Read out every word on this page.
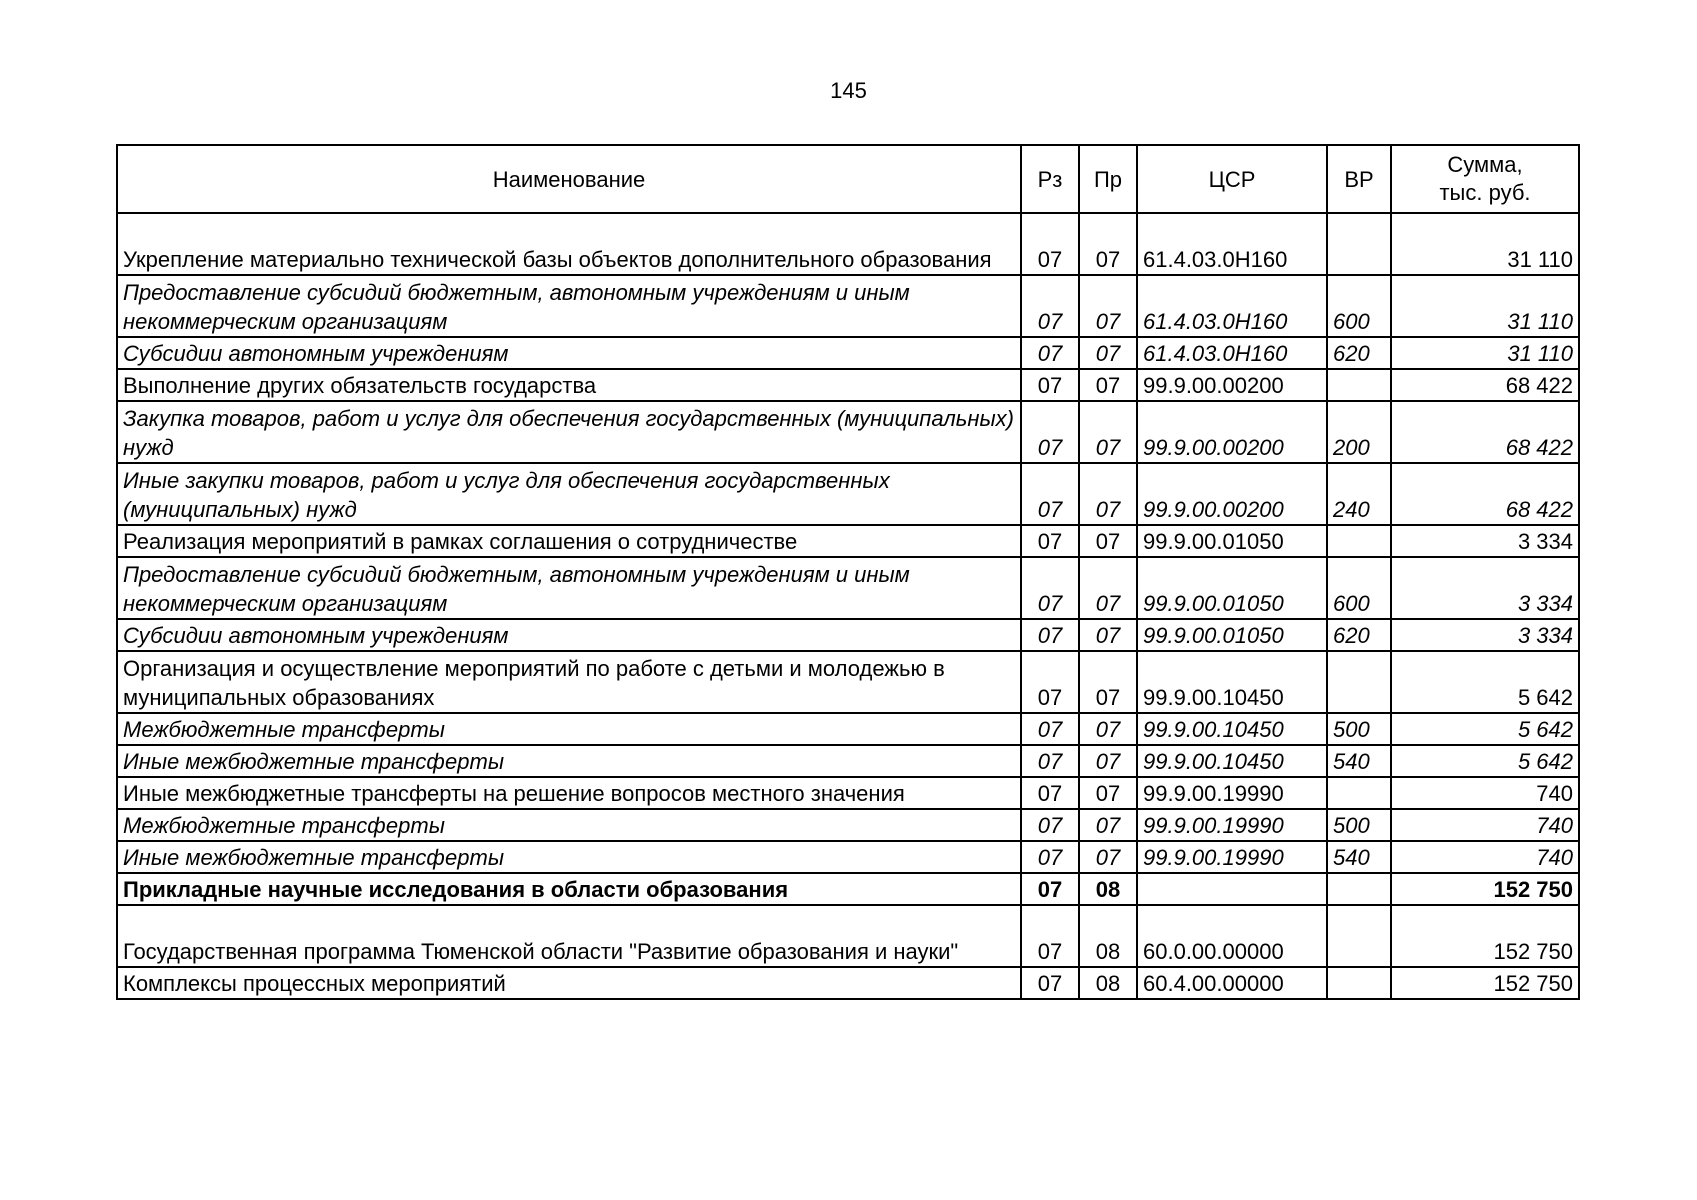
145
Наименование	Рз	Пр	ЦСР	ВР	Сумма,
тыс. руб.
Укрепление материально технической базы объектов дополнительного образования	07	07	61.4.03.0Н160		31 110
Предоставление субсидий бюджетным, автономным учреждениям и иным некоммерческим организациям	07	07	61.4.03.0Н160	600	31 110
Субсидии автономным учреждениям	07	07	61.4.03.0Н160	620	31 110
Выполнение других обязательств государства	07	07	99.9.00.00200		68 422
Закупка товаров, работ и услуг для обеспечения государственных (муниципальных) нужд	07	07	99.9.00.00200	200	68 422
Иные закупки товаров, работ и услуг для обеспечения государственных (муниципальных) нужд	07	07	99.9.00.00200	240	68 422
Реализация мероприятий в рамках соглашения о сотрудничестве	07	07	99.9.00.01050		3 334
Предоставление субсидий бюджетным, автономным учреждениям и иным некоммерческим организациям	07	07	99.9.00.01050	600	3 334
Субсидии автономным учреждениям	07	07	99.9.00.01050	620	3 334
Организация и осуществление мероприятий по работе с детьми и молодежью в муниципальных образованиях	07	07	99.9.00.10450		5 642
Межбюджетные трансферты	07	07	99.9.00.10450	500	5 642
Иные межбюджетные трансферты	07	07	99.9.00.10450	540	5 642
Иные межбюджетные трансферты на решение вопросов местного значения	07	07	99.9.00.19990		740
Межбюджетные трансферты	07	07	99.9.00.19990	500	740
Иные межбюджетные трансферты	07	07	99.9.00.19990	540	740
Прикладные научные исследования в области образования	07	08			152 750
Государственная программа Тюменской области "Развитие образования и науки"	07	08	60.0.00.00000		152 750
Комплексы процессных мероприятий	07	08	60.4.00.00000		152 750
